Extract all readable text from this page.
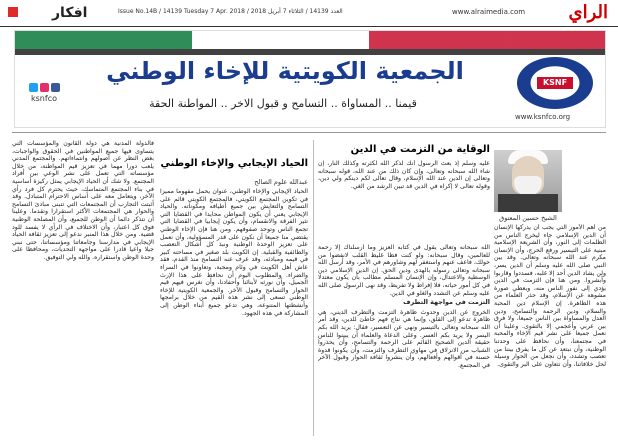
افكار	Issue No.14B / 14139 Tuesday 7 Apr. 2018 / العدد 14139 / الثلاثاء 7 أبريل 2018	www.alraimedia.com الراي
الجمعية الكويتية للإخاء الوطني
قيمنا .. المساواة .. التسامح و قبول الاخر .. المواطنة الحقة

ksnfco
KSNF
www.ksnfco.org
الوقاية من التزمت في الدين
الشيخ حسين المعتوق
عليه وسلم إذ بعث الرسول أنك لذكر الله لكثرته وكذلك النار، إن شاء الله سبحانه وتعالى، وإن كان ذلك من عند الله، قوله سبحانه وتعالى إن الدين عند الله الإسلام، وقال تعالى لكم دينكم ولي دين، وقوله تعالى لا إكراه في الدين قد تبين الرشد من الغي.
الله سبحانه وتعالى يقول في كتابه العزيز وما أرسلناك إلا رحمة للعالمين، وقال سبحانه: ولو كنت فظا غليظ القلب لانفضوا من حولك، فاعف عنهم واستغفر لهم وشاورهم في الأمر، وقد أرسل الله سبحانه وتعالى رسوله بالهدى ودين الحق. إن الدين الإسلامي دين الوسطية والاعتدال، وإن الإنسان المسلم مطالب بأن يكون معتدلا في كل أمور حياته، فلا إفراط ولا تفريط، وقد نهى الرسول صلى الله عليه وسلم عن التشدد والغلو في الدين.
التزمت في مواجهة التطرف
الخروج عن الدين وحدوث ظاهرة التزمت والتطرف الديني، هي ظاهرة تدعو إلى القلق، وإنما هي نتاج فهم خاطئ للدين، وقد أمر الله سبحانه وتعالى بالتيسير ونهى عن التعسير، فقال: يريد الله بكم اليسر ولا يريد بكم العسر. وعلى الدعاة والعلماء أن يبينوا للناس حقيقة الدين الصحيح القائم على الرحمة والتسامح، وأن يحذروا الشباب من الانزلاق في مهاوي التطرف والتزمت، وأن يكونوا قدوة حسنة في أقوالهم وأفعالهم، وأن ينشروا ثقافة الحوار وقبول الآخر في المجتمع.
من أهم الأمور التي يجب أن يدركها الإنسان أن الدين الإسلامي جاء ليخرج الناس من الظلمات إلى النور، وأن الشريعة الإسلامية مبنية على التيسير ورفع الحرج، وأن الإنسان مكرم عند الله سبحانه وتعالى. وقد بين النبي صلى الله عليه وسلم أن الدين يسر، ولن يشاد الدين أحد إلا غلبه، فسددوا وقاربوا وأبشروا. ومن هنا فإن التزمت في الدين يؤدي إلى نفور الناس منه، ويعطي صورة مشوهة عن الإسلام، وقد حذر العلماء من هذه الظاهرة. إن الإسلام دين المحبة والسلام، ودين الرحمة والتسامح، ودين العدل والمساواة بين الناس جميعا، ولا فرق بين عربي وأعجمي إلا بالتقوى. وعلينا أن نعمل جميعا على نشر قيم الإخاء والمحبة في مجتمعنا، وأن نحافظ على وحدتنا الوطنية، وأن نبتعد عن كل ما يفرق بيننا من تعصب وتشدد، وأن نجعل من الحوار وسيلة لحل خلافاتنا، وأن نتعاون على البر والتقوى.
الحياد الإيجابي والإخاء الوطني
عبدالله علوم الصالح
الحياد الإيجابي والإخاء الوطني، عنوان يحمل مفهوما مميزا في تكوين المجتمع الكويتي، فالمجتمع الكويتي قائم على التسامح والتعايش بين جميع أطيافه ومكوناته. والحياد الإيجابي يعني أن يكون المواطن محايدا في القضايا التي تثير الفرقة والانقسام، وأن يكون إيجابيا في القضايا التي تجمع الناس وتوحد صفوفهم. ومن هنا فإن الإخاء الوطني يقتضي منا جميعا أن نكون على قدر المسؤولية، وأن نعمل على تعزيز الوحدة الوطنية ونبذ كل أشكال التعصب والطائفية والقبلية. إن الكويت بلد صغير في مساحته كبير في قيمه ومبادئه، وقد عرف عنه التسامح منذ القدم، فقد عاش أهل الكويت في وئام ومحبة، وتعاونوا في السراء والضراء. والمطلوب اليوم أن نحافظ على هذا الإرث الجميل، وأن نورثه لأبنائنا وأحفادنا، وأن نغرس فيهم قيم الحوار والتسامح وقبول الآخر. والجمعية الكويتية للإخاء الوطني تسعى إلى نشر هذه القيم من خلال برامجها وأنشطتها المتنوعة، وهي تدعو جميع أبناء الوطن إلى المشاركة في هذه الجهود.
فالدولة المدنية هي دولة القانون والمؤسسات التي يتساوى فيها جميع المواطنين في الحقوق والواجبات، بغض النظر عن أصولهم وانتماءاتهم. والمجتمع المدني يلعب دورا مهما في تعزيز قيم المواطنة، من خلال مؤسساته التي تعمل على نشر الوعي بين أفراد المجتمع. ولا شك أن الحياد الإيجابي يمثل ركيزة أساسية في بناء المجتمع المتماسك، حيث يحترم كل فرد رأي الآخر، ويتعامل معه على أساس الاحترام المتبادل. وقد أثبتت التجارب أن المجتمعات التي تتبنى مبادئ التسامح والحوار هي المجتمعات الأكثر استقرارا وتقدما. وعلينا أن نتذكر دائما أن الوطن للجميع، وأن المصلحة الوطنية فوق كل اعتبار، وأن الاختلاف في الرأي لا يفسد للود قضية. ومن خلال هذا المنبر ندعو إلى تعزيز ثقافة الحياد الإيجابي في مدارسنا وجامعاتنا ومؤسساتنا، حتى نبني جيلا واعيا قادرا على مواجهة التحديات، ومحافظا على وحدة الوطن واستقراره. والله ولي التوفيق.
